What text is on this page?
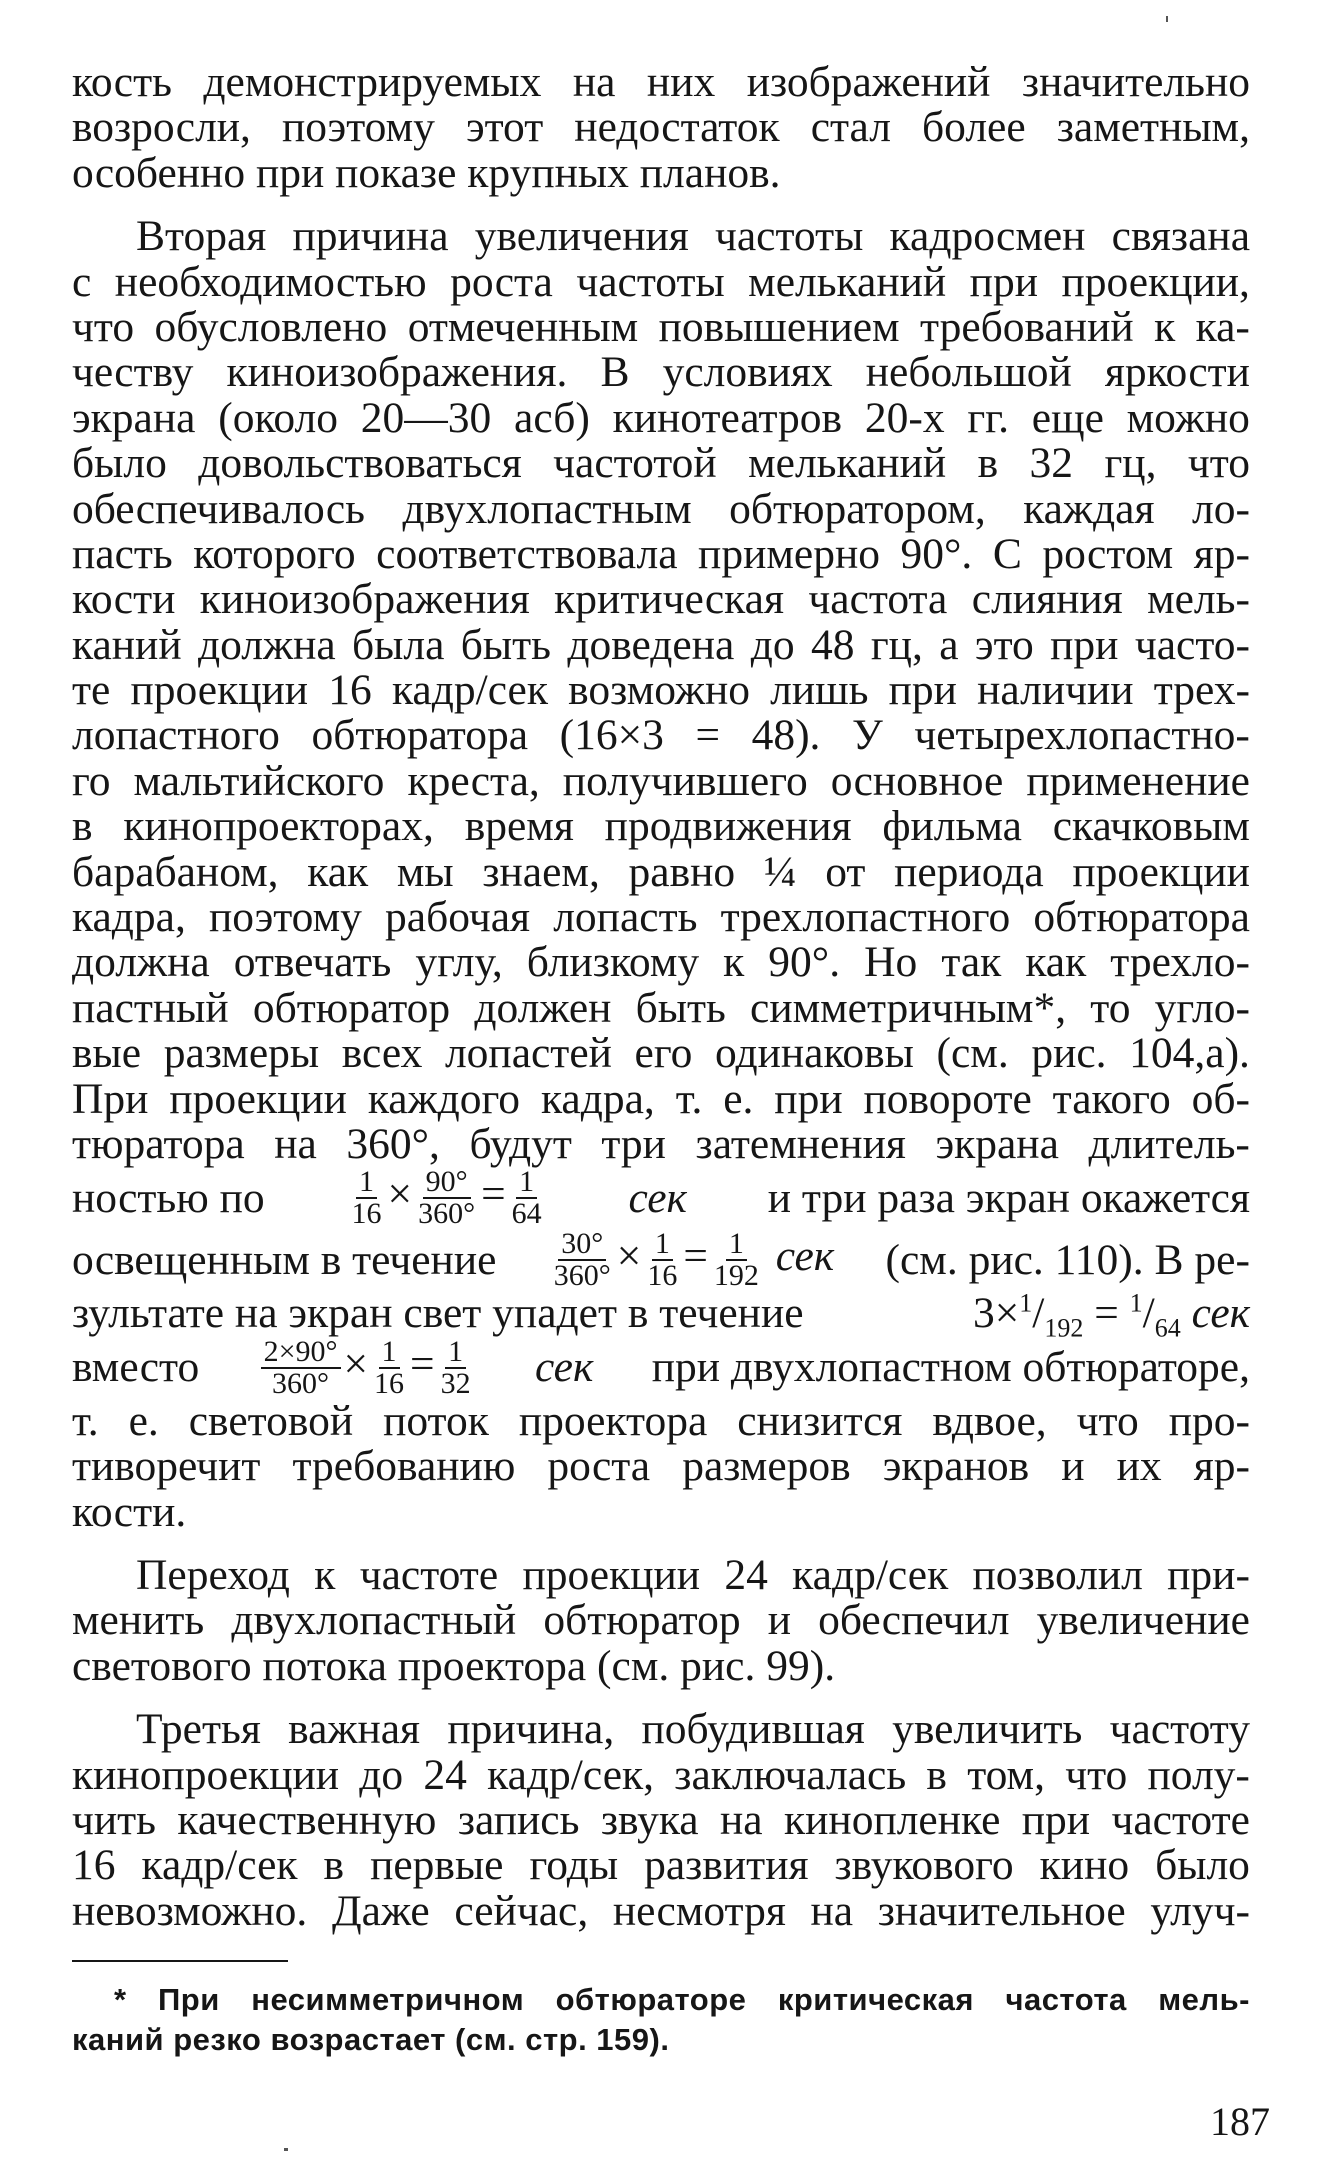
кость демонстрируемых на них изображений значительно
возросли, поэтому этот недостаток стал более заметным,
особенно при показе крупных планов.
Вторая причина увеличения частоты кадросмен связана
с необходимостью роста частоты мельканий при проекции,
что обусловлено отмеченным повышением требований к ка-
честву киноизображения. В условиях небольшой яркости
экрана (около 20—30 асб) кинотеатров 20-х гг. еще можно
было довольствоваться частотой мельканий в 32 гц, что
обеспечивалось двухлопастным обтюратором, каждая ло-
пасть которого соответствовала примерно 90°. С ростом яр-
кости киноизображения критическая частота слияния мель-
каний должна была быть доведена до 48 гц, а это при часто-
те проекции 16 кадр/сек возможно лишь при наличии трех-
лопастного обтюратора (16×3 = 48). У четырехлопастно-
го мальтийского креста, получившего основное применение
в кинопроекторах, время продвижения фильма скачковым
барабаном, как мы знаем, равно ¼ от периода проекции
кадра, поэтому рабочая лопасть трехлопастного обтюратора
должна отвечать углу, близкому к 90°. Но так как трехло-
пастный обтюратор должен быть симметричным*, то угло-
вые размеры всех лопастей его одинаковы (см. рис. 104,а).
При проекции каждого кадра, т. е. при повороте такого об-
тюратора на 360°, будут три затемнения экрана длитель-
ностью по	$\frac{1}{16} \times \frac{90^\circ}{360^\circ} = \frac{1}{64}$ сек и три раза экран окажется
освещенным в течение $\frac{30^\circ}{360^\circ} \times \frac{1}{16} = \frac{1}{192}$ сек (см. рис. 110). В ре-
зультате на экран свет упадет в течение	$3\times^1/_{192} = ^1/_{64}$ сек
вместо $\frac{2\times 90^\circ}{360^\circ} \times \frac{1}{16} = \frac{1}{32}$ сек при двухлопастном обтюраторе,
т. е. световой поток проектора снизится вдвое, что про-
тиворечит требованию роста размеров экранов и их яр-
кости.
Переход к частоте проекции 24 кадр/сек позволил при-
менить двухлопастный обтюратор и обеспечил увеличение
светового потока проектора (см. рис. 99).
Третья важная причина, побудившая увеличить частоту
кинопроекции до 24 кадр/сек, заключалась в том, что полу-
чить качественную запись звука на кинопленке при частоте
16 кадр/сек в первые годы развития звукового кино было
невозможно. Даже сейчас, несмотря на значительное улуч-
* При несимметричном обтюраторе критическая частота мель-
каний резко возрастает (см. стр. 159).
187
